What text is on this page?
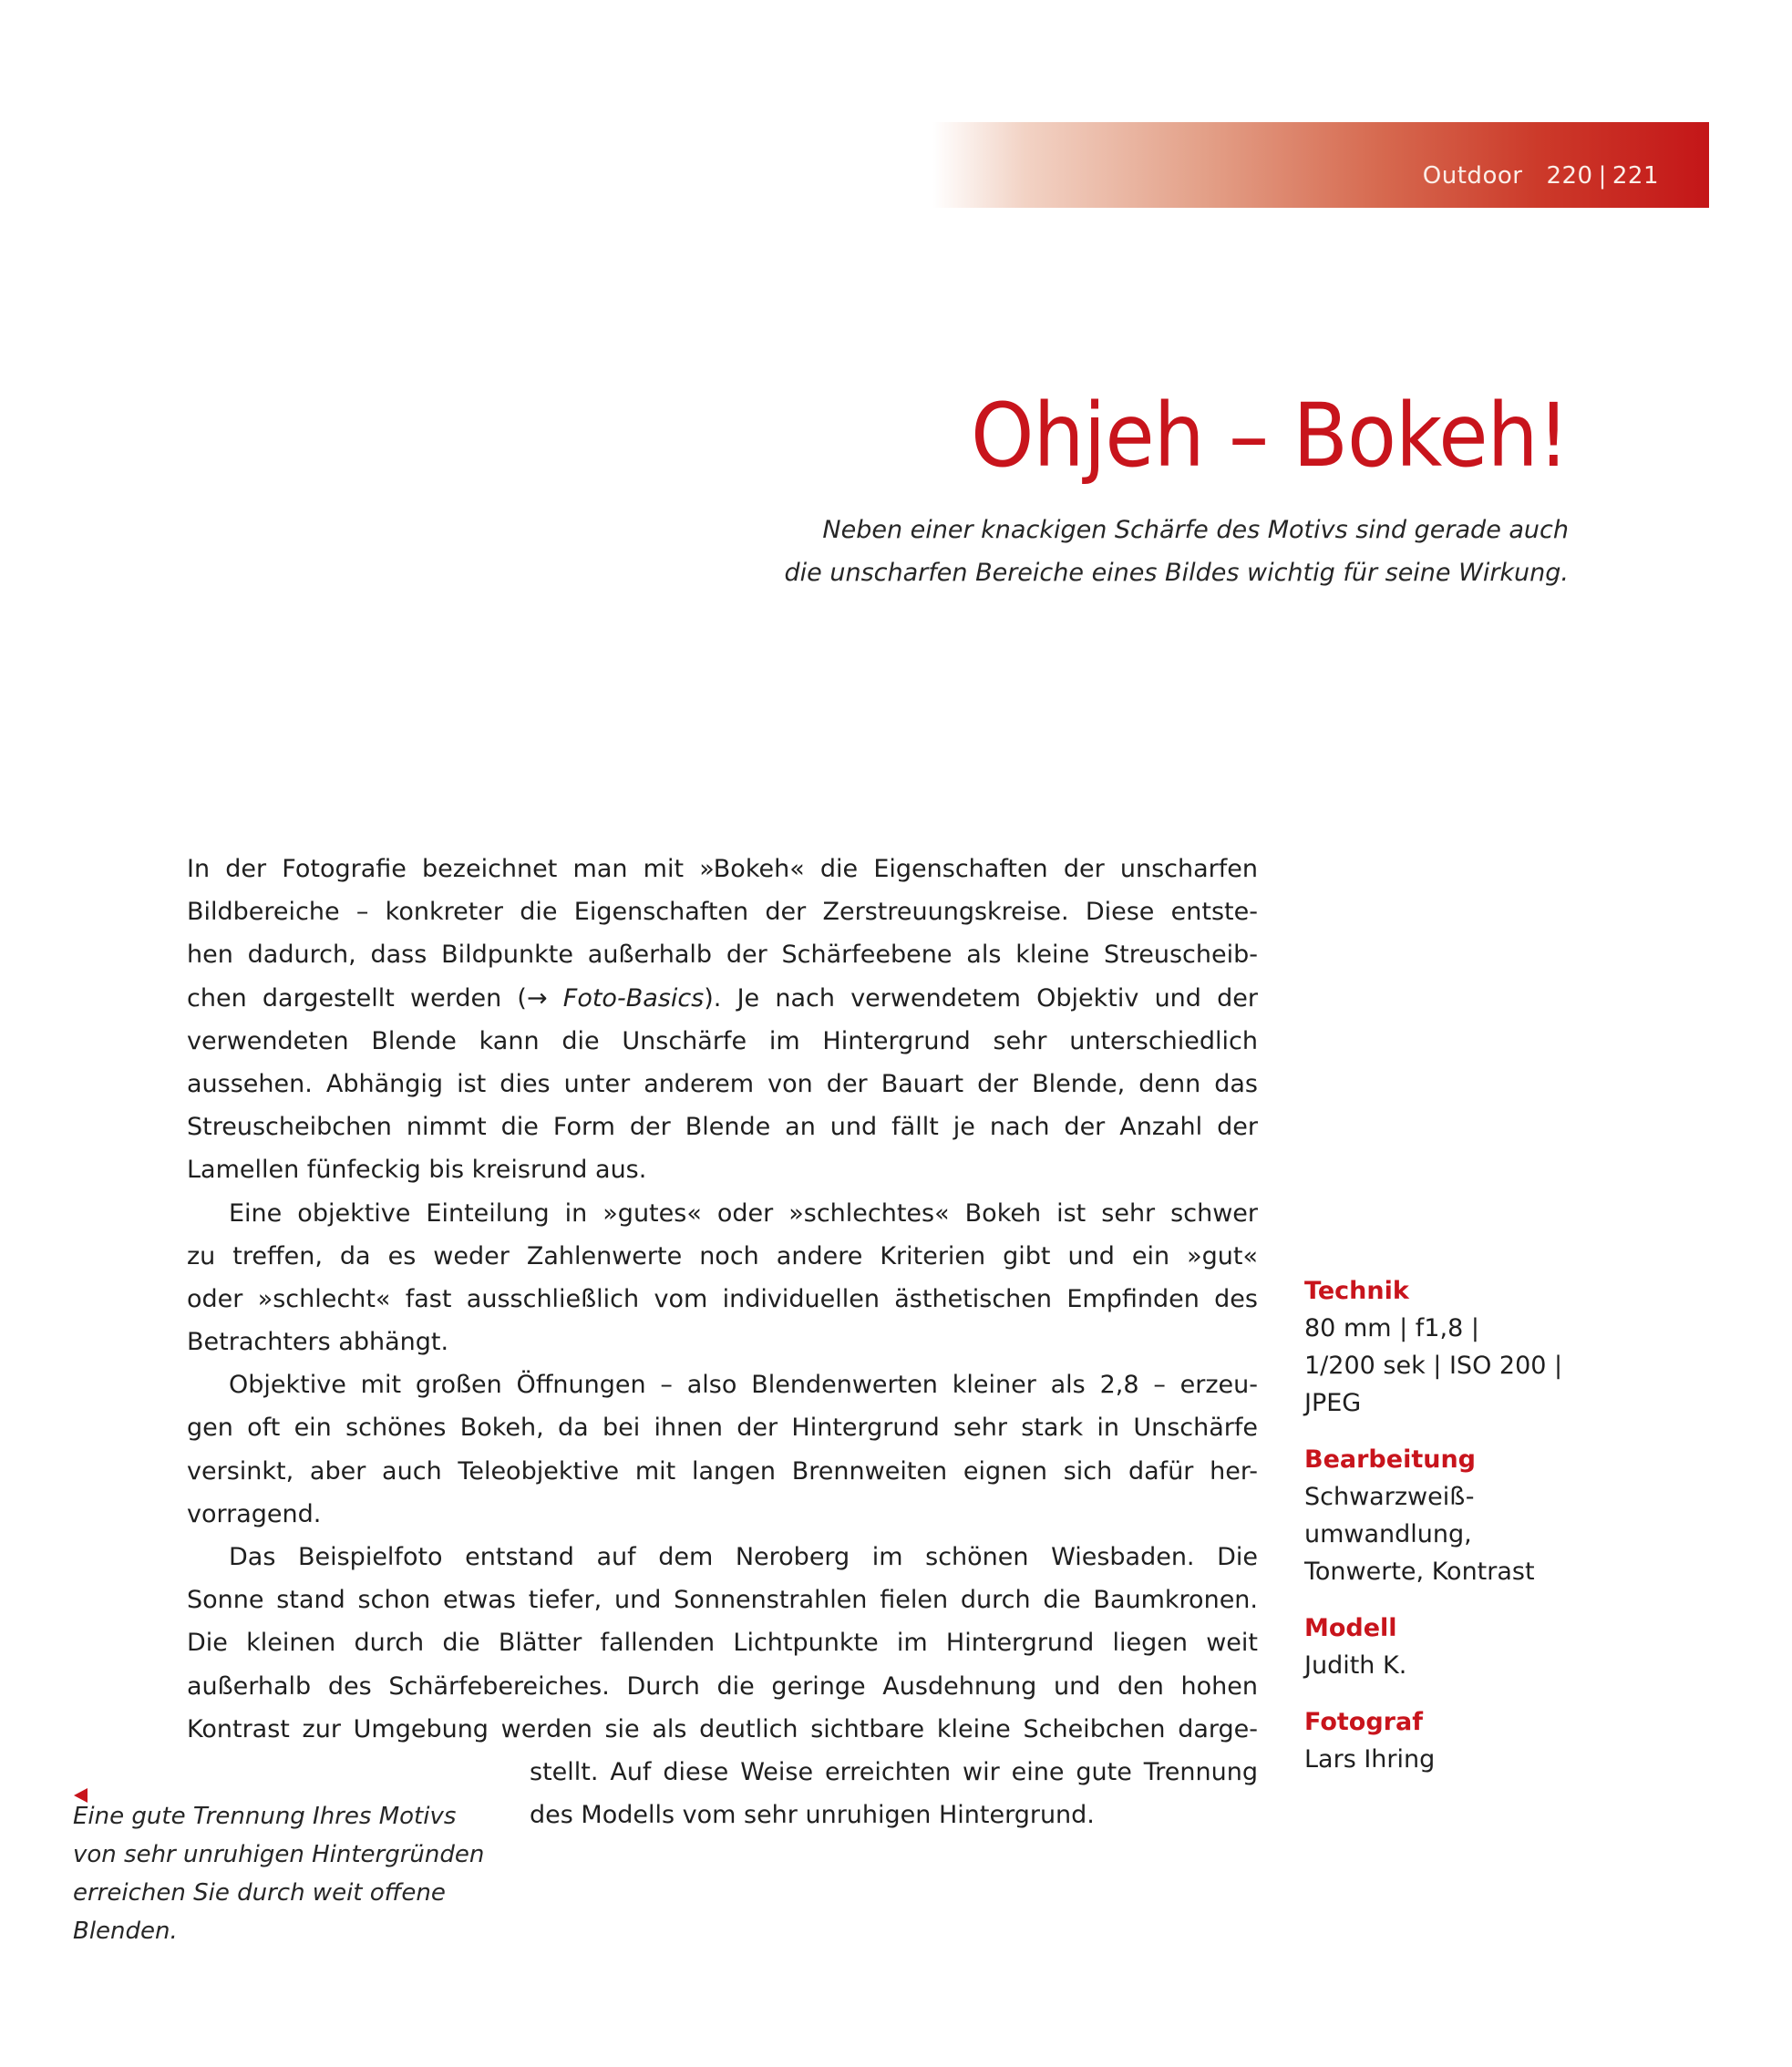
Outdoor 220 | 221
Ohjeh – Bokeh!
Neben einer knackigen Schärfe des Motivs sind gerade auch
die unscharfen Bereiche eines Bildes wichtig für seine Wirkung.
In der Fotografie bezeichnet man mit »Bokeh« die Eigenschaften der unscharfen
Bildbereiche – konkreter die Eigenschaften der Zerstreuungskreise. Diese entste-
hen dadurch, dass Bildpunkte außerhalb der Schärfeebene als kleine Streuscheib-
chen dargestellt werden (→ Foto-Basics). Je nach verwendetem Objektiv und der
verwendeten Blende kann die Unschärfe im Hintergrund sehr unterschiedlich
aussehen. Abhängig ist dies unter anderem von der Bauart der Blende, denn das
Streuscheibchen nimmt die Form der Blende an und fällt je nach der Anzahl der
Lamellen fünfeckig bis kreisrund aus.
Eine objektive Einteilung in »gutes« oder »schlechtes« Bokeh ist sehr schwer
zu treffen, da es weder Zahlenwerte noch andere Kriterien gibt und ein »gut«
oder »schlecht« fast ausschließlich vom individuellen ästhetischen Empfinden des
Betrachters abhängt.
Objektive mit großen Öffnungen – also Blendenwerten kleiner als 2,8 – erzeu-
gen oft ein schönes Bokeh, da bei ihnen der Hintergrund sehr stark in Unschärfe
versinkt, aber auch Teleobjektive mit langen Brennweiten eignen sich dafür her-
vorragend.
Das Beispielfoto entstand auf dem Neroberg im schönen Wiesbaden. Die
Sonne stand schon etwas tiefer, und Sonnenstrahlen fielen durch die Baumkronen.
Die kleinen durch die Blätter fallenden Lichtpunkte im Hintergrund liegen weit
außerhalb des Schärfebereiches. Durch die geringe Ausdehnung und den hohen
Kontrast zur Umgebung werden sie als deutlich sichtbare kleine Scheibchen darge-
stellt. Auf diese Weise erreichten wir eine gute Trennung
des Modells vom sehr unruhigen Hintergrund.
Eine gute Trennung Ihres Motivs
von sehr unruhigen Hintergründen
erreichen Sie durch weit offene
Blenden.
Technik
80 mm | f1,8 |
1/200 sek | ISO 200 |
JPEG
Bearbeitung
Schwarzweiß-
umwandlung,
Tonwerte, Kontrast
Modell
Judith K.
Fotograf
Lars Ihring
